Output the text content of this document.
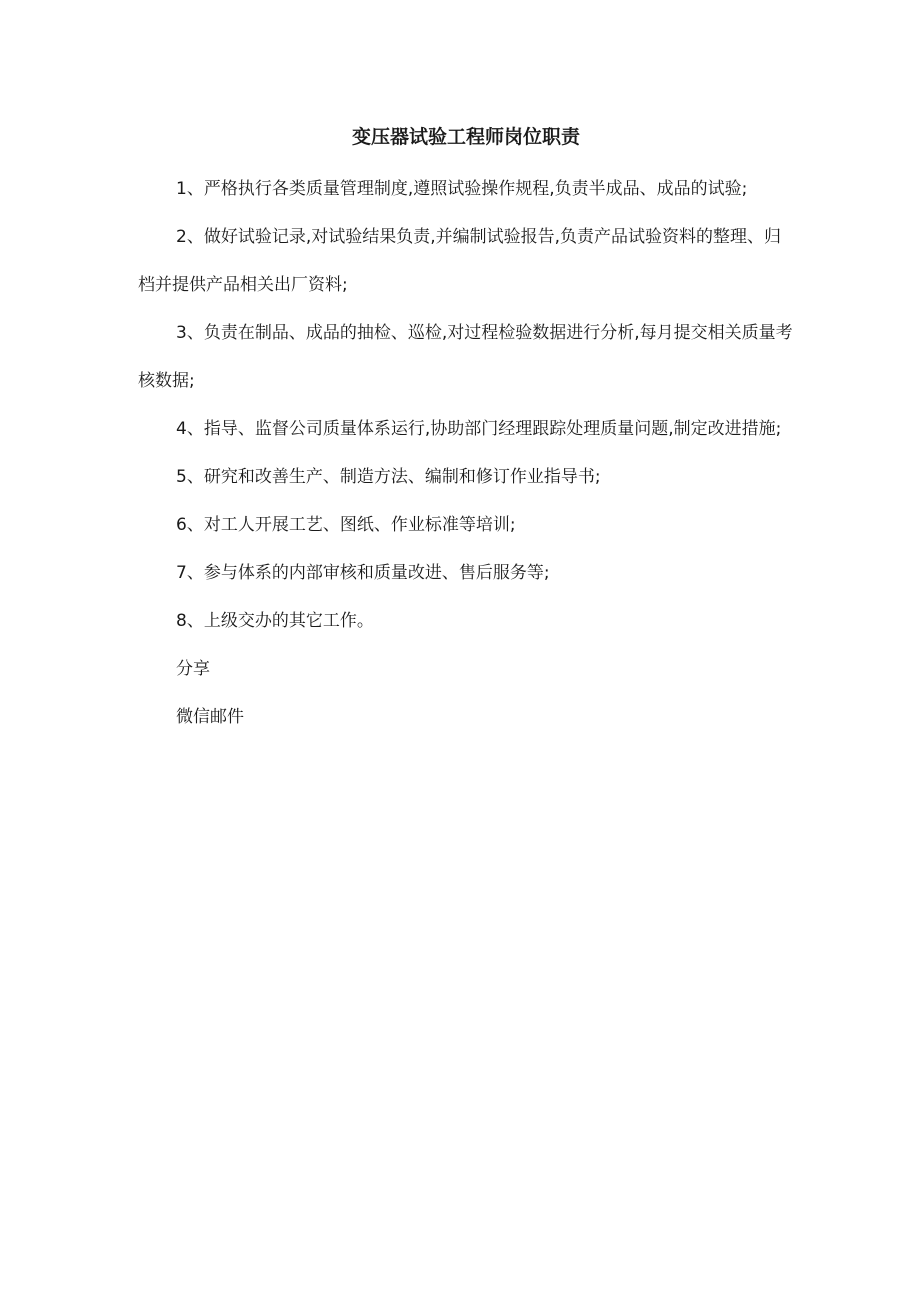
变压器试验工程师岗位职责

1、严格执行各类质量管理制度,遵照试验操作规程,负责半成品、成品的试验;

2、做好试验记录,对试验结果负责,并编制试验报告,负责产品试验资料的整理、归档并提供产品相关出厂资料;

3、负责在制品、成品的抽检、巡检,对过程检验数据进行分析,每月提交相关质量考核数据;

4、指导、监督公司质量体系运行,协助部门经理跟踪处理质量问题,制定改进措施;

5、研究和改善生产、制造方法、编制和修订作业指导书;

6、对工人开展工艺、图纸、作业标准等培训;

7、参与体系的内部审核和质量改进、售后服务等;

8、上级交办的其它工作。

分享

微信邮件
